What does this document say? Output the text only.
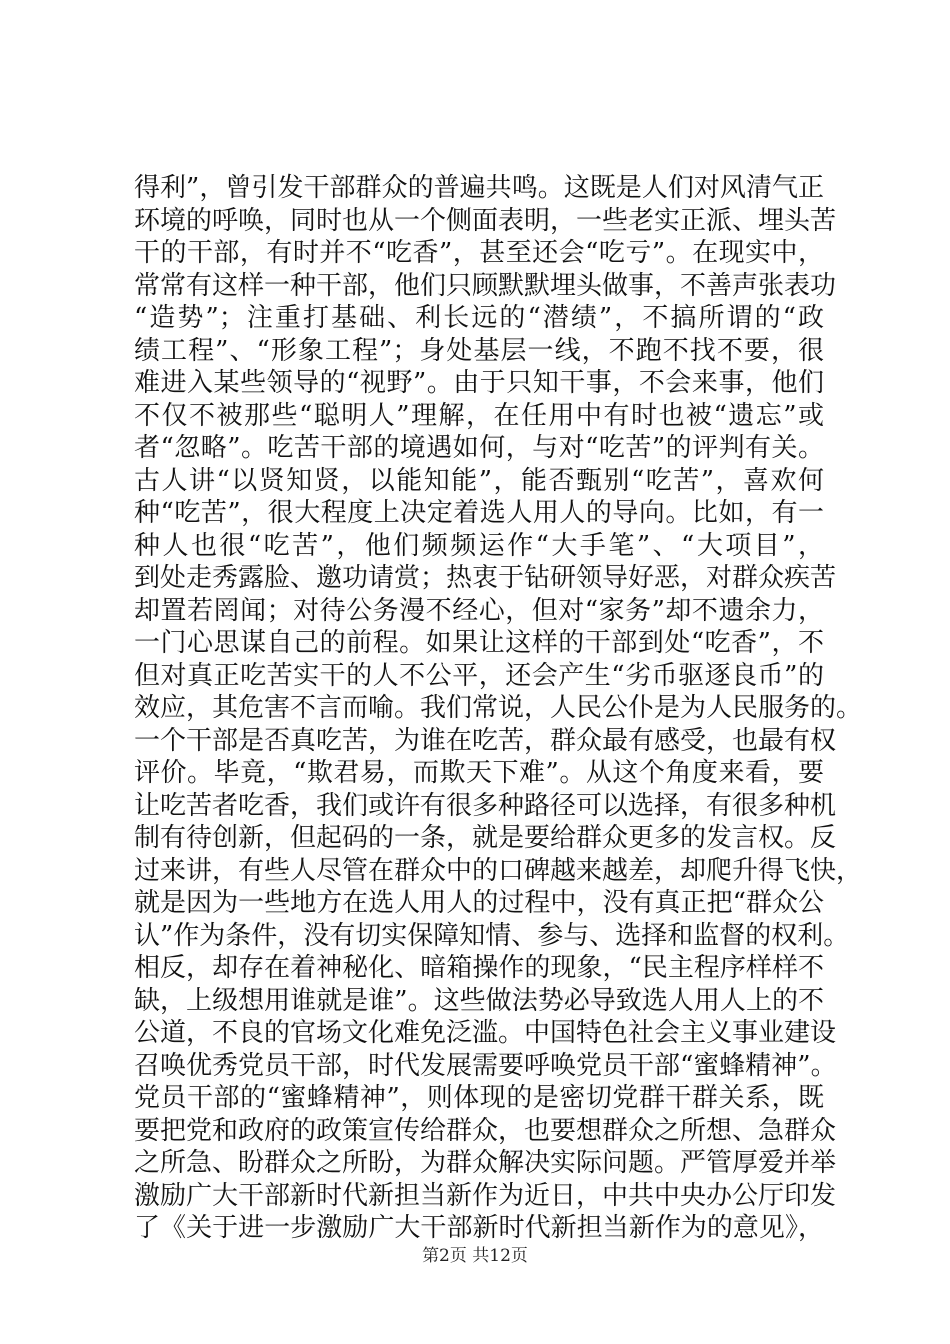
得利”，曾引发干部群众的普遍共鸣。这既是人们对风清气正
环境的呼唤，同时也从一个侧面表明，一些老实正派、埋头苦
干的干部，有时并不“吃香”，甚至还会“吃亏”。在现实中，
常常有这样一种干部，他们只顾默默埋头做事，不善声张表功
“造势”；注重打基础、利长远的“潜绩”，不搞所谓的“政
绩工程”、“形象工程”；身处基层一线，不跑不找不要，很
难进入某些领导的“视野”。由于只知干事，不会来事，他们
不仅不被那些“聪明人”理解，在任用中有时也被“遗忘”或
者“忽略”。吃苦干部的境遇如何，与对“吃苦”的评判有关。
古人讲“以贤知贤，以能知能”，能否甄别“吃苦”，喜欢何
种“吃苦”，很大程度上决定着选人用人的导向。比如，有一
种人也很“吃苦”，他们频频运作“大手笔”、“大项目”，
到处走秀露脸、邀功请赏；热衷于钻研领导好恶，对群众疾苦
却置若罔闻；对待公务漫不经心，但对“家务”却不遗余力，
一门心思谋自己的前程。如果让这样的干部到处“吃香”，不
但对真正吃苦实干的人不公平，还会产生“劣币驱逐良币”的
效应，其危害不言而喻。我们常说，人民公仆是为人民服务的。
一个干部是否真吃苦，为谁在吃苦，群众最有感受，也最有权
评价。毕竟，“欺君易，而欺天下难”。从这个角度来看，要
让吃苦者吃香，我们或许有很多种路径可以选择，有很多种机
制有待创新，但起码的一条，就是要给群众更多的发言权。反
过来讲，有些人尽管在群众中的口碑越来越差，却爬升得飞快，
就是因为一些地方在选人用人的过程中，没有真正把“群众公
认”作为条件，没有切实保障知情、参与、选择和监督的权利。
相反，却存在着神秘化、暗箱操作的现象，“民主程序样样不
缺，上级想用谁就是谁”。这些做法势必导致选人用人上的不
公道，不良的官场文化难免泛滥。中国特色社会主义事业建设
召唤优秀党员干部，时代发展需要呼唤党员干部“蜜蜂精神”。
党员干部的“蜜蜂精神”，则体现的是密切党群干群关系，既
要把党和政府的政策宣传给群众，也要想群众之所想、急群众
之所急、盼群众之所盼，为群众解决实际问题。严管厚爱并举
激励广大干部新时代新担当新作为近日，中共中央办公厅印发
了《关于进一步激励广大干部新时代新担当新作为的意见》，
第2页 共12页
